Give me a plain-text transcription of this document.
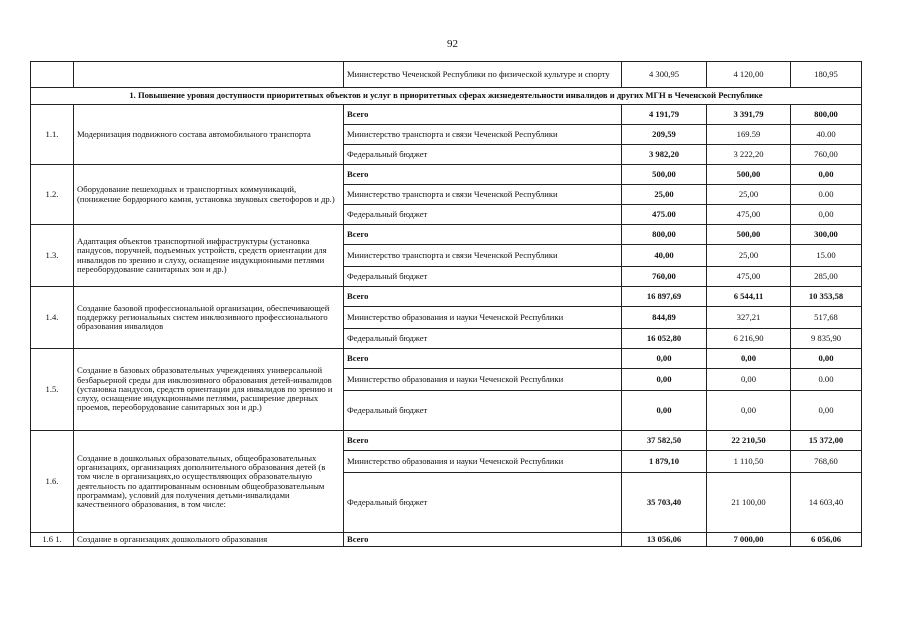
92
		Министерство Чеченской Республики по физической культуре и спорту	4 300,95	4 120,00	180,95
1. Повышение уровня доступности приоритетных объектов и услуг в приоритетных сферах жизнедеятельности инвалидов и других МГН в Чеченской Республике					
1.1.	Модернизация подвижного состава автомобильного транспорта	Всего	4 191,79	3 391,79	800,00
		Министерство транспорта и связи Чеченской Республики	209,59	169.59	40.00
		Федеральный бюджет	3 982,20	3 222,20	760,00
1.2.	Оборудование пешеходных и транспортных коммуникаций, (понижение бордюрного камня, установка звуковых светофоров и др.)	Всего	500,00	500,00	0,00
		Министерство транспорта и связи Чеченской Республики	25,00	25,00	0.00
		Федеральный бюджет	475.00	475,00	0,00
1.3.	Адаптация объектов транспортной инфраструктуры (установка пандусов, поручней, подъемных устройств, средств ориентации для инвалидов по зрению и слуху, оснащение индукционными петлями переоборудование санитарных зон и др.)	Всего	800,00	500,00	300,00
		Министерство транспорта и связи Чеченской Республики	40,00	25,00	15.00
		Федеральный бюджет	760,00	475,00	285,00
1.4.	Создание базовой профессиональной организации, обеспечивающей поддержку региональных систем инклюзивного профессионального образования инвалидов	Всего	16 897,69	6 544,11	10 353,58
		Министерство образования и науки Чеченской Республики	844,89	327,21	517,68
		Федеральный бюджет	16 052,80	6 216,90	9 835,90
1.5.	Создание в базовых образовательных учреждениях универсальной безбарьерной среды для инклюзивного образования детей-инвалидов (установка пандусов, средств ориентации для инвалидов по зрению и слуху, оснащение индукционными петлями, расширение дверных проемов, переоборудование санитарных зон и др.)	Всего	0,00	0,00	0,00
		Министерство образования и науки Чеченской Республики	0,00	0,00	0.00
		Федеральный бюджет	0,00	0,00	0,00
1.6.	Создание в дошкольных образовательных, общеобразовательных организациях, организациях дополнительного образования детей (в том числе в организациях,ю осуществляющих образовательную деятельность по адаптированным основным общеобразовательным программам), условий для получения детьми-инвалидами качественного образования, в том числе:	Всего	37 582,50	22 210,50	15 372,00
		Министерство образования и науки Чеченской Республики	1 879,10	1 110,50	768,60
		Федеральный бюджет	35 703,40	21 100,00	14 603,40
1.6 1.	Создание в организациях дошкольного образования	Всего	13 056,06	7 000,00	6 056,06
